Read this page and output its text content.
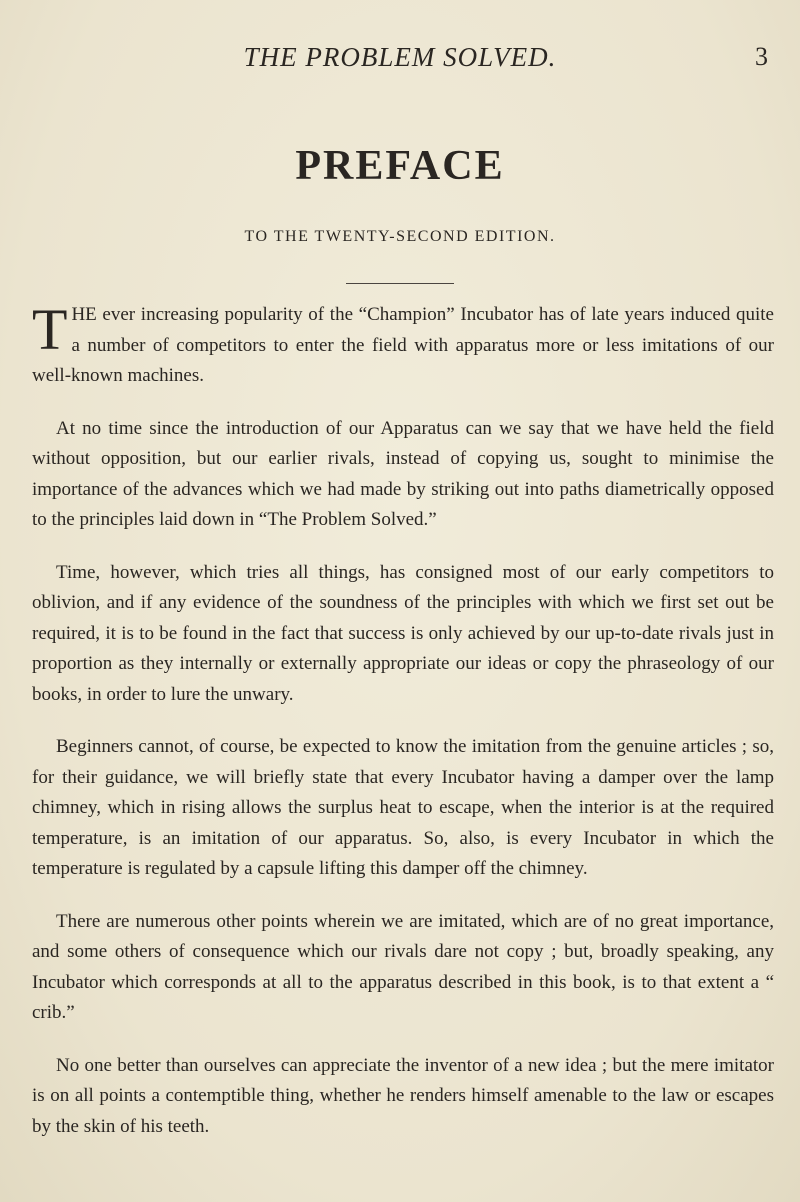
THE PROBLEM SOLVED.	3
PREFACE
TO THE TWENTY-SECOND EDITION.

THE ever increasing popularity of the “Champion” Incubator has of late years induced quite a number of competitors to enter the field with apparatus more or less imitations of our well-known machines.

At no time since the introduction of our Apparatus can we say that we have held the field without opposition, but our earlier rivals, instead of copying us, sought to minimise the importance of the advances which we had made by striking out into paths diametrically opposed to the principles laid down in “The Problem Solved.”

Time, however, which tries all things, has consigned most of our early competitors to oblivion, and if any evidence of the soundness of the principles with which we first set out be required, it is to be found in the fact that success is only achieved by our up-to-date rivals just in proportion as they internally or externally appropriate our ideas or copy the phraseology of our books, in order to lure the unwary.

Beginners cannot, of course, be expected to know the imitation from the genuine articles ; so, for their guidance, we will briefly state that every Incubator having a damper over the lamp chimney, which in rising allows the surplus heat to escape, when the interior is at the required temperature, is an imitation of our apparatus. So, also, is every Incubator in which the temperature is regulated by a capsule lifting this damper off the chimney.

There are numerous other points wherein we are imitated, which are of no great importance, and some others of consequence which our rivals dare not copy ; but, broadly speaking, any Incubator which corresponds at all to the apparatus described in this book, is to that extent a “ crib.”

No one better than ourselves can appreciate the inventor of a new idea ; but the mere imitator is on all points a contemptible thing, whether he renders himself amenable to the law or escapes by the skin of his teeth.
